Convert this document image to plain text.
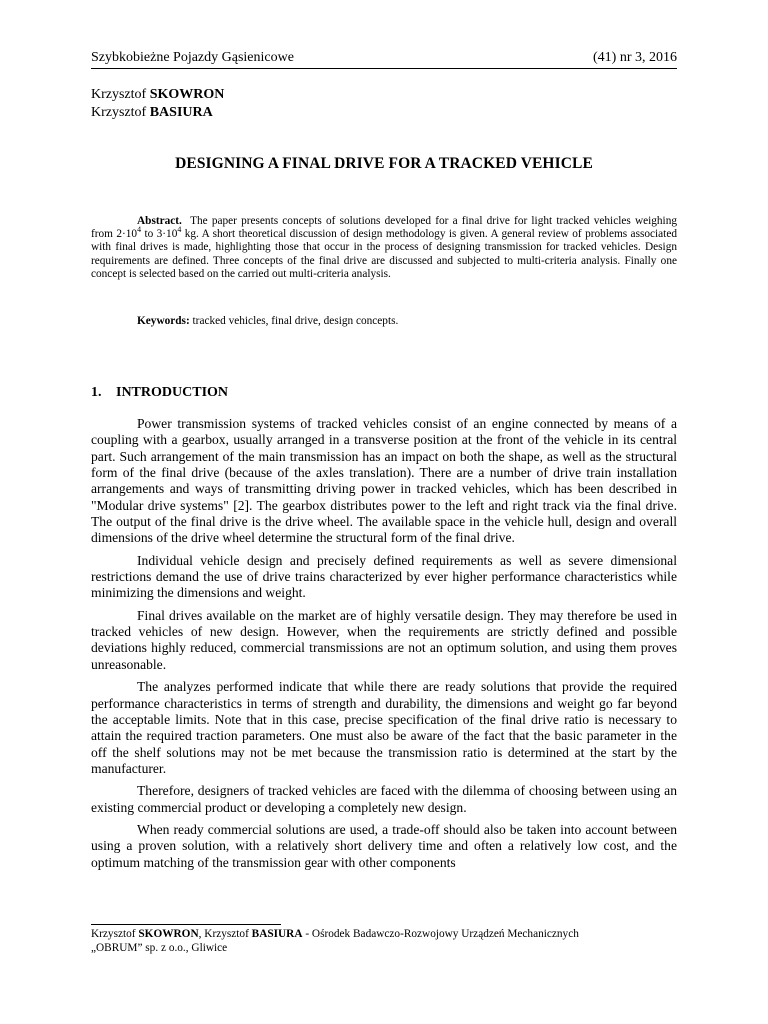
Szybkobieżne Pojazdy Gąsienicowe	(41) nr 3, 2016
Krzysztof SKOWRON
Krzysztof BASIURA
DESIGNING A FINAL DRIVE FOR A TRACKED VEHICLE
Abstract. The paper presents concepts of solutions developed for a final drive for light tracked vehicles weighing from $2\cdot 10^4$ to $3\cdot 10^4$ kg. A short theoretical discussion of design methodology is given. A general review of problems associated with final drives is made, highlighting those that occur in the process of designing transmission for tracked vehicles. Design requirements are defined. Three concepts of the final drive are discussed and subjected to multi-criteria analysis. Finally one concept is selected based on the carried out multi-criteria analysis.
Keywords: tracked vehicles, final drive, design concepts.
1. INTRODUCTION

Power transmission systems of tracked vehicles consist of an engine connected by means of a coupling with a gearbox, usually arranged in a transverse position at the front of the vehicle in its central part. Such arrangement of the main transmission has an impact on both the shape, as well as the structural form of the final drive (because of the axles translation). There are a number of drive train installation arrangements and ways of transmitting driving power in tracked vehicles, which has been described in "Modular drive systems" [2]. The gearbox distributes power to the left and right track via the final drive. The output of the final drive is the drive wheel. The available space in the vehicle hull, design and overall dimensions of the drive wheel determine the structural form of the final drive.

Individual vehicle design and precisely defined requirements as well as severe dimensional restrictions demand the use of drive trains characterized by ever higher performance characteristics while minimizing the dimensions and weight.

Final drives available on the market are of highly versatile design. They may therefore be used in tracked vehicles of new design. However, when the requirements are strictly defined and possible deviations highly reduced, commercial transmissions are not an optimum solution, and using them proves unreasonable.

The analyzes performed indicate that while there are ready solutions that provide the required performance characteristics in terms of strength and durability, the dimensions and weight go far beyond the acceptable limits. Note that in this case, precise specification of the final drive ratio is necessary to attain the required traction parameters. One must also be aware of the fact that the basic parameter in the off the shelf solutions may not be met because the transmission ratio is determined at the start by the manufacturer.

Therefore, designers of tracked vehicles are faced with the dilemma of choosing between using an existing commercial product or developing a completely new design.

When ready commercial solutions are used, a trade-off should also be taken into account between using a proven solution, with a relatively short delivery time and often a relatively low cost, and the optimum matching of the transmission gear with other components

Krzysztof SKOWRON, Krzysztof BASIURA - Ośrodek Badawczo-Rozwojowy Urządzeń Mechanicznych
„OBRUM” sp. z o.o., Gliwice
